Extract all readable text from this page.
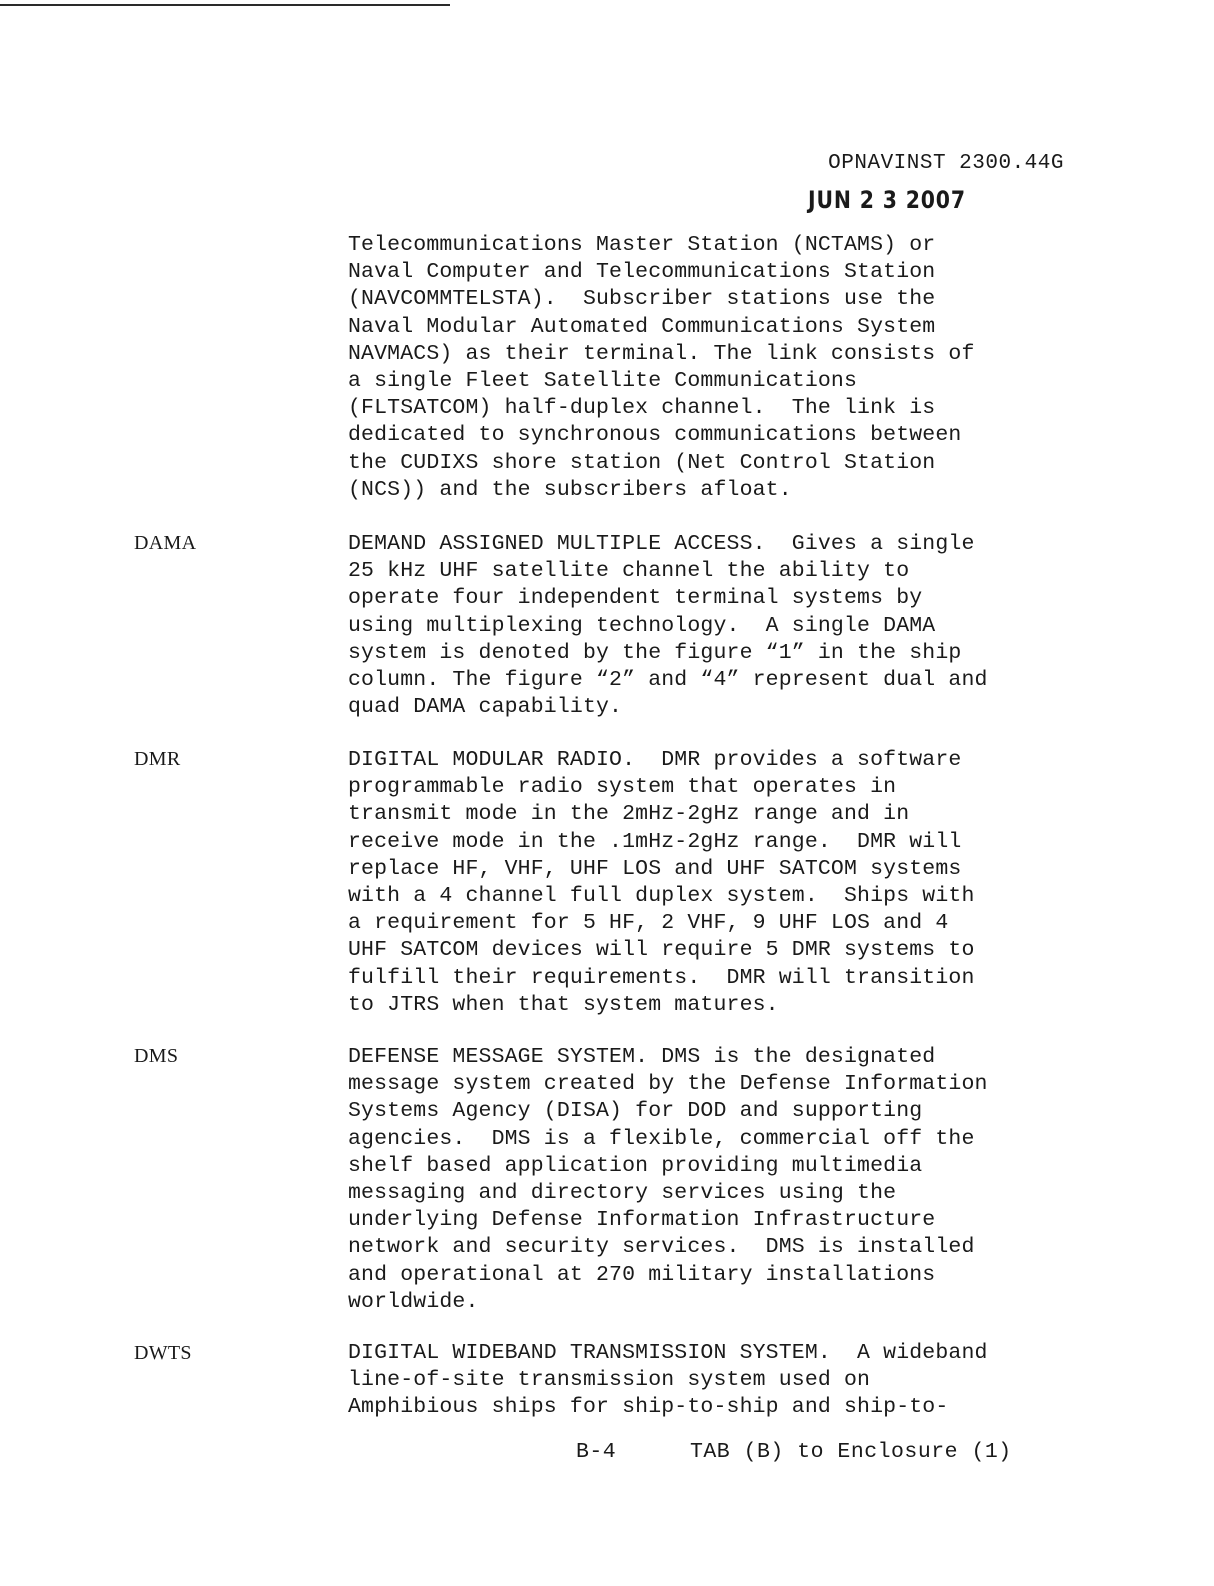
OPNAVINST 2300.44G
JUN 2 3 2007
Telecommunications Master Station (NCTAMS) or
Naval Computer and Telecommunications Station
(NAVCOMMTELSTA).  Subscriber stations use the
Naval Modular Automated Communications System
NAVMACS) as their terminal. The link consists of
a single Fleet Satellite Communications
(FLTSATCOM) half-duplex channel.  The link is
dedicated to synchronous communications between
the CUDIXS shore station (Net Control Station
(NCS)) and the subscribers afloat.
DAMA	DEMAND ASSIGNED MULTIPLE ACCESS.  Gives a single
25 kHz UHF satellite channel the ability to
operate four independent terminal systems by
using multiplexing technology.  A single DAMA
system is denoted by the figure “1” in the ship
column. The figure “2” and “4” represent dual and
quad DAMA capability.
DMR	DIGITAL MODULAR RADIO.  DMR provides a software
programmable radio system that operates in
transmit mode in the 2mHz-2gHz range and in
receive mode in the .1mHz-2gHz range.  DMR will
replace HF, VHF, UHF LOS and UHF SATCOM systems
with a 4 channel full duplex system.  Ships with
a requirement for 5 HF, 2 VHF, 9 UHF LOS and 4
UHF SATCOM devices will require 5 DMR systems to
fulfill their requirements.  DMR will transition
to JTRS when that system matures.
DMS	DEFENSE MESSAGE SYSTEM. DMS is the designated
message system created by the Defense Information
Systems Agency (DISA) for DOD and supporting
agencies.  DMS is a flexible, commercial off the
shelf based application providing multimedia
messaging and directory services using the
underlying Defense Information Infrastructure
network and security services.  DMS is installed
and operational at 270 military installations
worldwide.
DWTS	DIGITAL WIDEBAND TRANSMISSION SYSTEM.  A wideband
line-of-site transmission system used on
Amphibious ships for ship-to-ship and ship-to-
B-4	TAB (B) to Enclosure (1)
